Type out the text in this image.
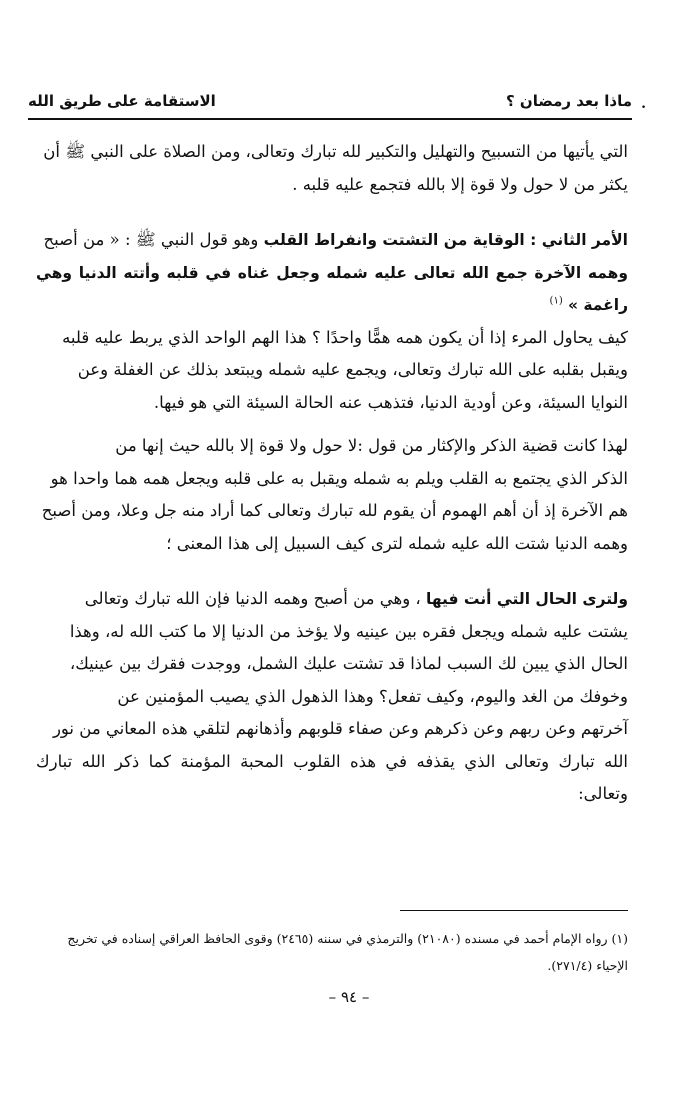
.
ماذا بعد رمضان ؟
الاستقامة على طريق الله

التي يأتيها من التسبيح والتهليل والتكبير لله تبارك وتعالى، ومن الصلاة على النبي ﷺ أن

يكثر من لا حول ولا قوة إلا بالله فتجمع عليه قلبه .

الأمر الثاني : الوقاية من التشتت وانفراط القلب وهو قول النبي ﷺ : « من أصبح

وهمه الآخرة جمع الله تعالى عليه شمله وجعل غناه في قلبه وأتته الدنيا وهي راغمة » $^{(١)}$

كيف يحاول المرء إذا أن يكون همه همًّا واحدًا ؟ هذا الهم الواحد الذي يربط عليه قلبه

ويقبل بقلبه على الله تبارك وتعالى، ويجمع عليه شمله ويبتعد بذلك عن الغفلة وعن

النوايا السيئة، وعن أودية الدنيا، فتذهب عنه الحالة السيئة التي هو فيها.

لهذا كانت قضية الذكر والإكثار من قول :لا حول ولا قوة إلا بالله حيث إنها من

الذكر الذي يجتمع به القلب ويلم به شمله ويقبل به على قلبه ويجعل همه هما واحدا هو

هم الآخرة إذ أن أهم الهموم أن يقوم لله تبارك وتعالى كما أراد منه جل وعلا، ومن أصبح

وهمه الدنيا شتت الله عليه شمله لترى كيف السبيل إلى هذا المعنى ؛

ولترى الحال التي أنت فيها ، وهي من أصبح وهمه الدنيا فإن الله تبارك وتعالى

يشتت عليه شمله ويجعل فقره بين عينيه ولا يؤخذ من الدنيا إلا ما كتب الله له، وهذا

الحال الذي يبين لك السبب لماذا قد تشتت عليك الشمل، ووجدت فقرك بين عينيك،

وخوفك من الغد واليوم، وكيف تفعل؟ وهذا الذهول الذي يصيب المؤمنين عن

آخرتهم وعن ربهم وعن ذكرهم وعن صفاء قلوبهم وأذهانهم لتلقي هذه المعاني من نور

الله تبارك وتعالى الذي يقذفه في هذه القلوب المحبة المؤمنة كما ذكر الله تبارك وتعالى:

(١) رواه الإمام أحمد في مسنده (٢١٠٨٠) والترمذي في سننه (٢٤٦٥) وقوى الحافظ العراقي إسناده في تخريج

الإحياء (٢٧١/٤).

– ٩٤ –
